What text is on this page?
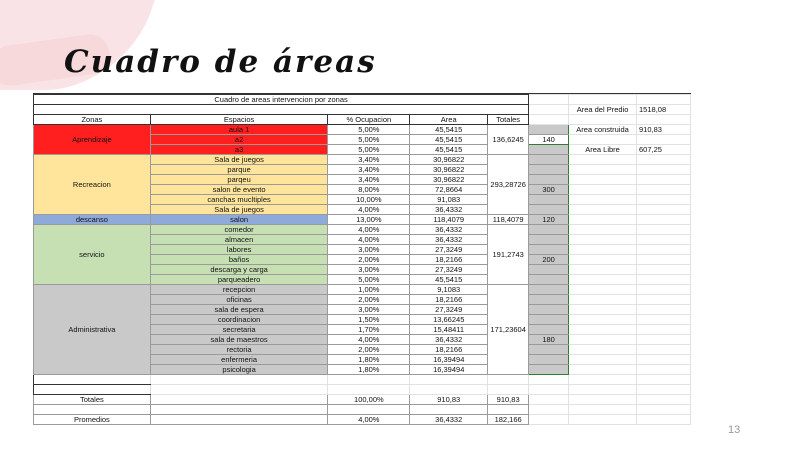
Cuadro de áreas
13
Cuadro de areas intervencion por zonas							
						Area del Predio	1518,08
Zonas	Espacios	% Ocupacion	Area	Totales			
Aprendizaje	aula 1	5,00%	45,5415	136,6245		Area construida	910,83
	a2	5,00%	45,5415		140		
	a3	5,00%	45,5415			Area Libre	607,25
Recreacion	Sala de juegos	3,40%	30,96822	293,28726			
	parque	3,40%	30,96822				
	parqeu	3,40%	30,96822				
	salon de evento	8,00%	72,8664		300		
	canchas mucltiples	10,00%	91,083				
	Sala de juegos	4,00%	36,4332				
descanso	salon	13,00%	118,4079	118,4079	120		
servicio	comedor	4,00%	36,4332	191,2743			
	almacen	4,00%	36,4332				
	labores	3,00%	27,3249				
	baños	2,00%	18,2166		200		
	descarga y carga	3,00%	27,3249				
	parqueadero	5,00%	45,5415				
Administrativa	recepcion	1,00%	9,1083	171,23604			
	oficinas	2,00%	18,2166				
	sala de espera	3,00%	27,3249				
	coordinacion	1,50%	13,66245				
	secretaria	1,70%	15,48411				
	sala de maestros	4,00%	36,4332		180		
	rectoria	2,00%	18,2166				
	enfermeria	1,80%	16,39494				
	psicologia	1,80%	16,39494				

Totales		100,00%	910,83	910,83			

Promedios		4,00%	36,4332	182,166			
